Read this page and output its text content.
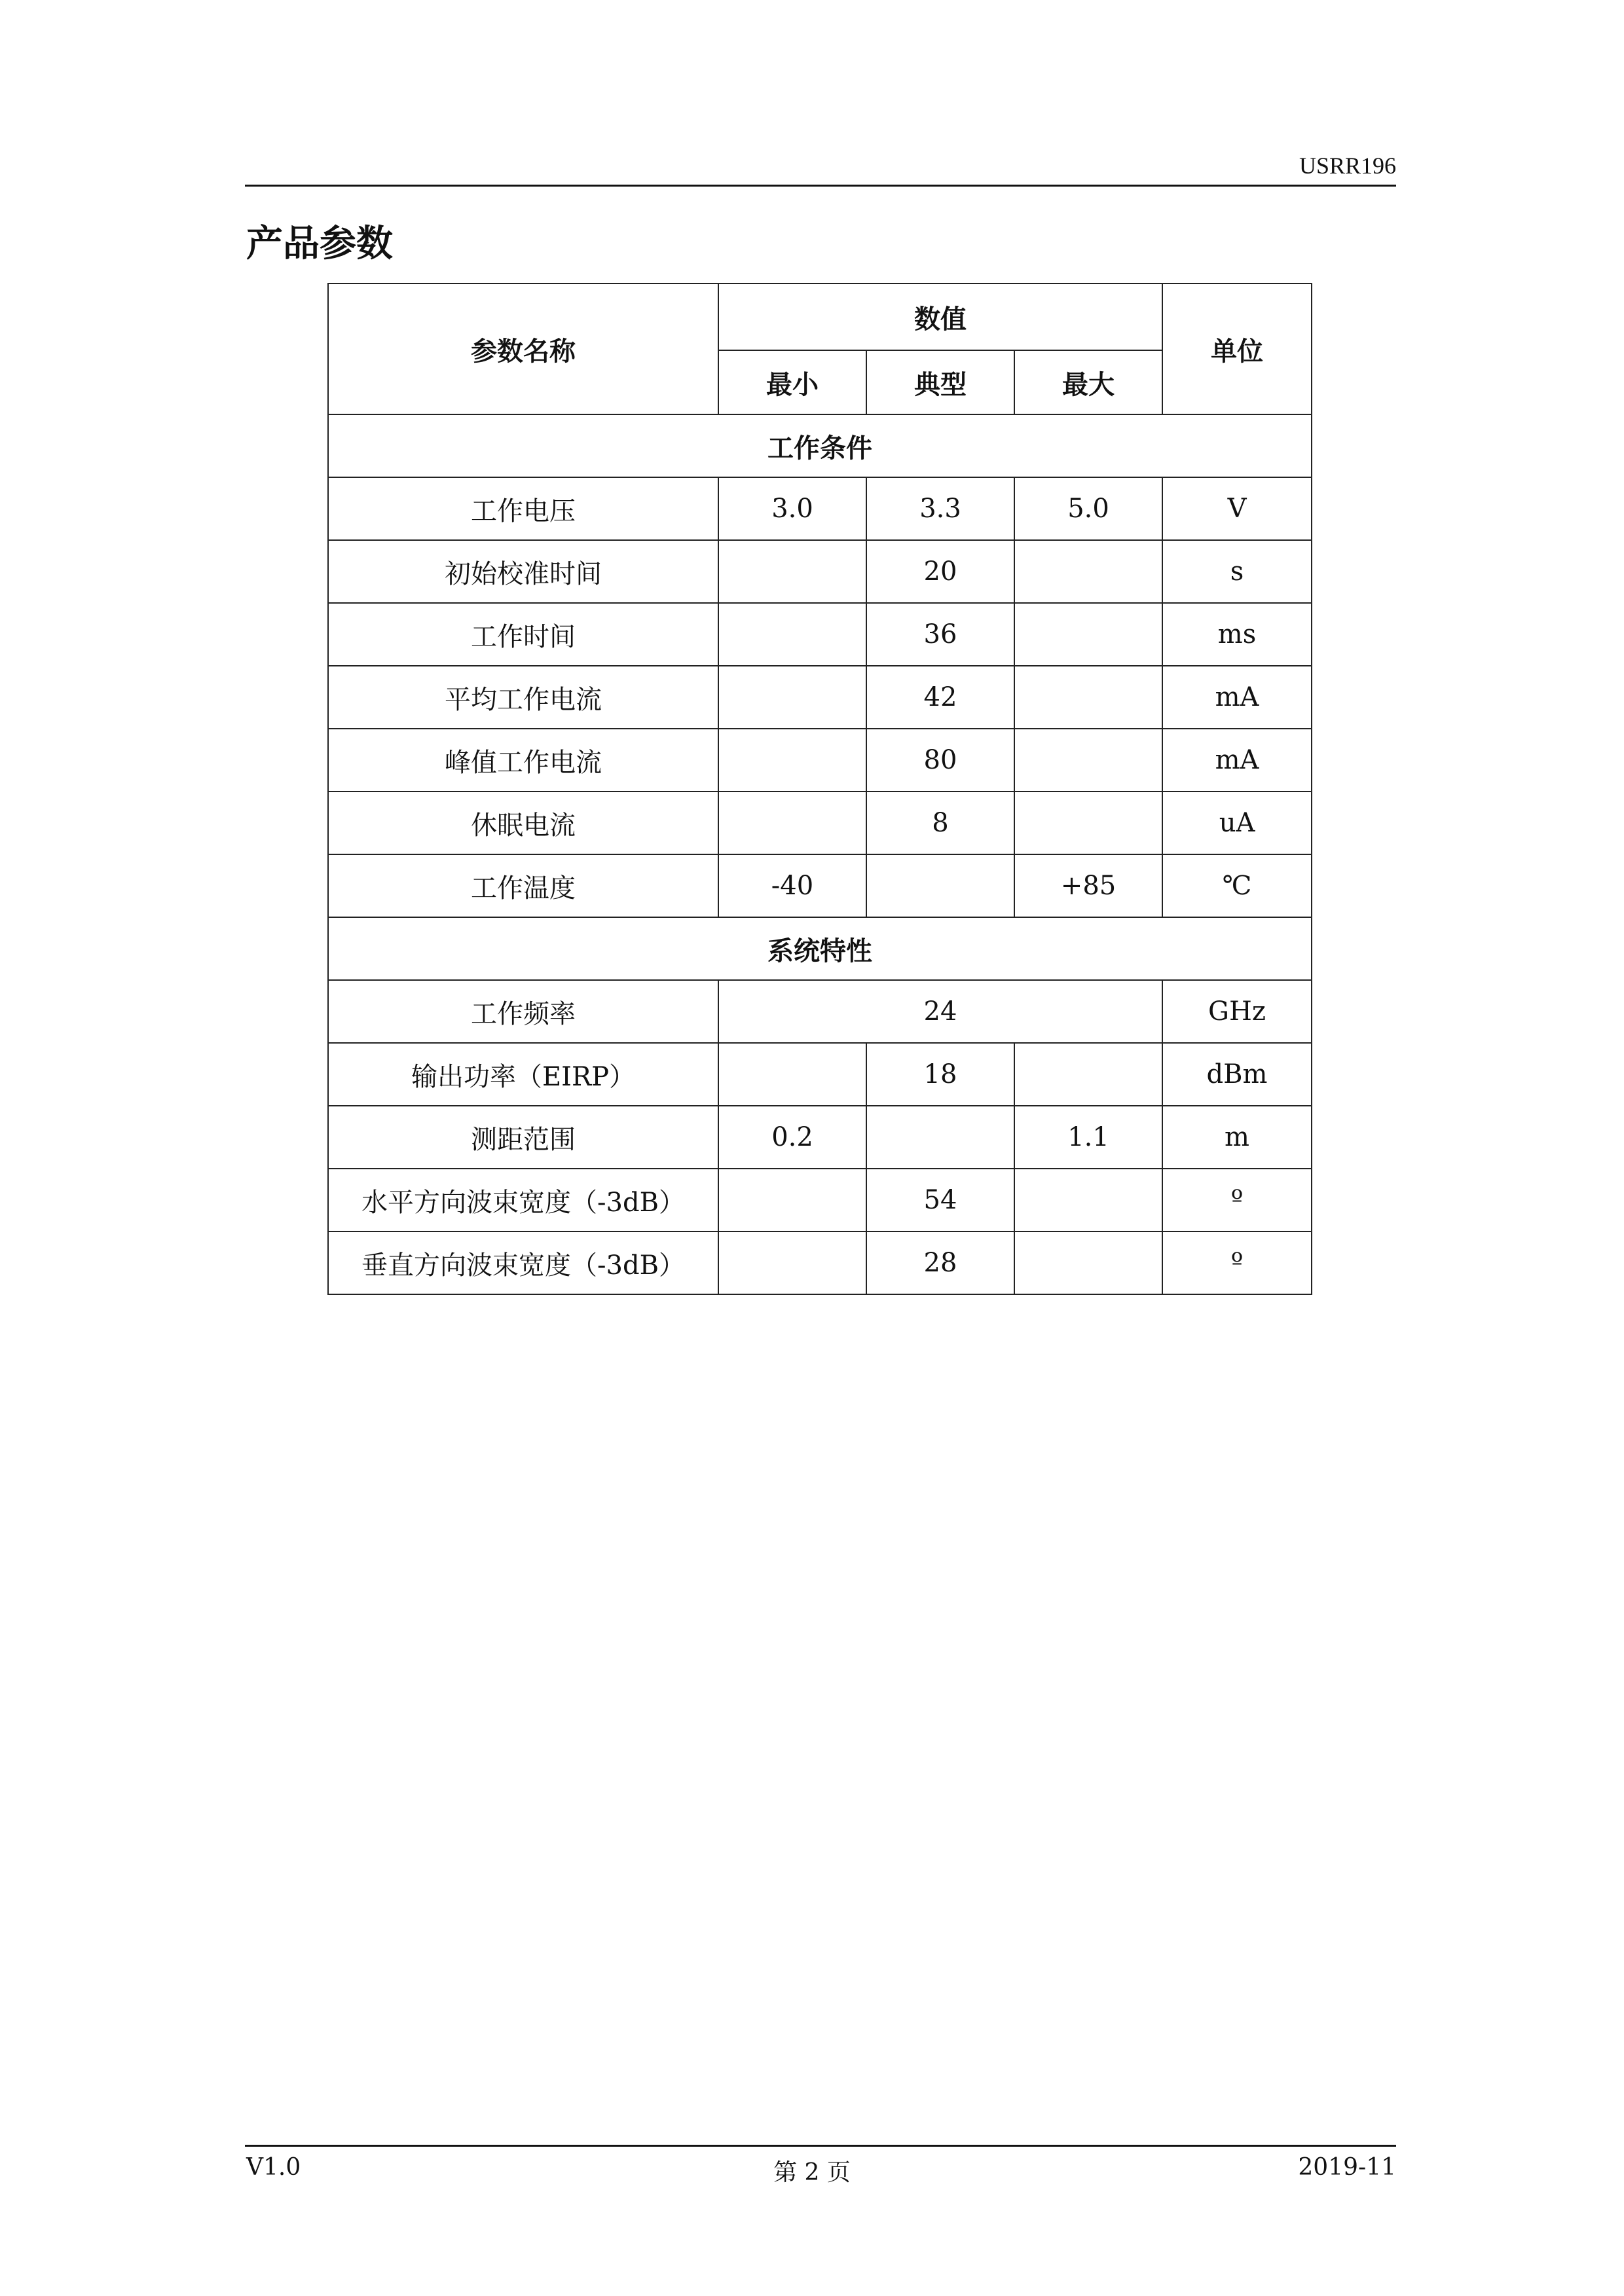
USRR196
产品参数
参数名称	数值			单位
	最小	典型	最大	
工作条件				
工作电压	3.0	3.3	5.0	V
初始校准时间		20		s
工作时间		36		ms
平均工作电流		42		mA
峰值工作电流		80		mA
休眠电流		8		uA
工作温度	-40		+85	℃
系统特性				
工作频率	24			GHz
输出功率（EIRP）		18		dBm
测距范围	0.2		1.1	m
水平方向波束宽度（-3dB）		54		º
垂直方向波束宽度（-3dB）		28		º
V1.0	第 2 页	2019-11
